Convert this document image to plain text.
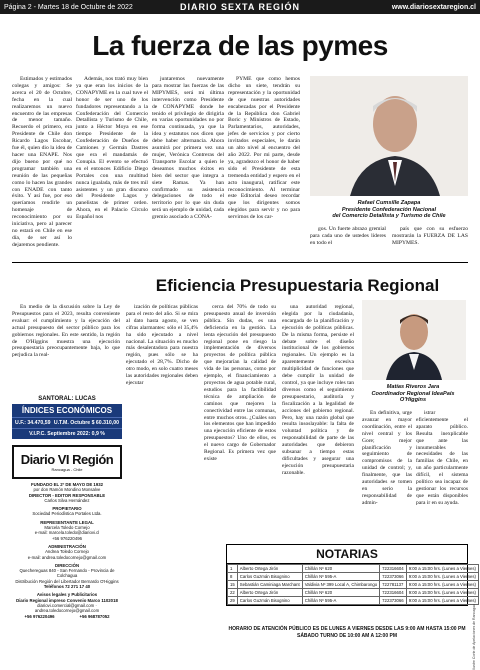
Página 2 - Martes 18 de Octubre de 2022	DIARIO SEXTA REGIÓN	www.diariosextaregion.cl
La fuerza de las pymes

Estimados y estimados colegas y amigos: Se acerca el 20 de Octubre, fecha en la cual realizaremos un nuevo encuentro de las empresas de menor tamaño. Recuerdo el primero, era Presidente de Chile don Ricardo Lagos Escobar, fue él, quien dio la idea de hacer una ENAPE. Nos dijo bueno por qué no programar también una reunión de las pequeñas como lo hacen las grandes con ENADE con tanto éxito. Y así fue, por eso queríamos rendirle un homenaje de reconocimiento por su iniciativa, pero al parecer no estará en Chile en ese día, de ser así lo dejaremos pendiente.

Además, nos trató muy bien ya que eran los inicios de la CONAPYME en la cual tuve el honor de ser uno de los fundadores representando a la Confederación del Comercio Detallista y Turismo de Chile, junto a Héctor Moya en ese tiempo Presidente de la Confederación de Dueños de Camiones y Germán Dastres que era el mandamás de Conupia. El evento se efectuó en el entonces Edificio Diego Portales con una multitud nunca igualada, más de tres mil asistentes y un gran discurso del Presidente Lagos y panelistas de primer orden. Ahora, en el Palacio Círculo Español nos

juntaremos nuevamente para mostrar las fuerzas de las MIPYMES, será mi última intervención como Presidente de CONAPYME donde he tenido el privilegio de dirigirla en varias oportunidades no por forma continuada, ya que la idea y estatutos nos dicen que debe haber alternancia. Ahora asumirá por primera vez una mujer, Verónica Contreras del Transporte Escolar a quien le deseamos muchos éxitos en bien del sector que integra a siete Ramas. Ya han confirmado su asistencia delegaciones de todo el territorio por lo que sin duda será un ejemplo de unidad, cada gremio asociado a CONA-

PYME que como hemos dicho un siete, tendrán su representación y la oportunidad de que nuestras autoridades encabezadas por el Presidente de la República don Gabriel Boric y Ministros de Estado, Parlamentarios, autoridades, jefes de servicios y por cierto invitados especiales, le darán un alto nivel al encuentro del año 2022. Por mi parte, desde ya, agradezco el honor de haber sido el Presidente de esta tremenda entidad y espero en el acto inaugural, ratificar este reconocimiento. Al terminar este Editorial deseo recordar que los dirigentes somos elegidos para servir y no para servirnos de los car-

Rafael Cumsille Zapapa
Presidente Confederación Nacional
del Comercio Detallista y Turismo de Chile

gos. Un fuerte abrazo gremial para cada uno de ustedes líderes en todo el

país que con su esfuerzo mostrarán la FUERZA DE LAS MIPYMES.

Eficiencia Presupuestaria Regional

En medio de la discusión sobre la Ley de Presupuestos para el 2023, resulta conveniente evaluar: el cumplimiento y la ejecución del actual presupuesto del sector público para los gobiernos regionales. En este sentido, la región de O'Higgins muestra una ejecución presupuestaria preocupantemente baja, lo que perjudica la real-

ización de políticas públicas para el resto del año. Si se mira al dato hasta agosto, se ven cifras alarmantes: sólo el 35,4% ha sido ejecutado a nivel nacional. La situación es mucho más desalentadora para nuestra región, pues sólo se ha ejecutado el 28,7%. Dicho de otro modo, en solo cuatro meses las autoridades regionales deben ejecutar

cerca del 70% de todo su presupuesto anual de inversión pública. Sin dudas, es una deficiencia en la gestión. La lenta ejecución del presupuesto regional pone en riesgo la implementación de diversos proyectos de política pública que mejorarían la calidad de vida de las personas, como por ejemplo, el financiamiento a proyectos de agua potable rural, estudios para la factibilidad técnica de ampliación de caminos que mejoren la conectividad entre las comunas, entre muchos otros. ¿Cuáles son los elementos que han impedido una ejecución eficiente de estos presupuestos? Uno de ellos, es el nuevo cargo de Gobernador Regional. Es primera vez que existe

una autoridad regional, elegida por la ciudadanía, encargada de la planificación y ejecución de políticas públicas. De la misma forma, persiste el debate sobre el diseño institucional de los gobiernos regionales. Un ejemplo es la aparentemente excesiva multiplicidad de funciones que debe cumplir la unidad de control, ya que incluye roles tan diversos como el seguimiento presupuestario, auditoría y fiscalización a la legalidad de acciones del gobierno regional. Pero, hay una razón global que resulta insoslayable: la falta de voluntad política y de responsabilidad de parte de las autoridades que debieron subsanar a tiempo estas dificultades y asegurar una ejecución presupuestaria razonable.

Matías Riveros Jara
Coordinador Regional IdeaPaís O'Higgins

En definitiva, urge avanzar en mayor coordinación, entre el nivel central y los Gore; mejor planificación y seguimiento de compromisos de la unidad de control; y, finalmente, que las autoridades se tomen en serio la responsabilidad de admin-

istrar eficientemente el aparato público. Resulta inexplicable que ante las innumerables necesidades de las familias de Chile, en un año particularmente difícil, el sistema político sea incapaz de gestionar los recursos que están disponibles para ir en su ayuda.

SANTORAL: LUCAS
ÍNDICES ECONÓMICOS
U.F.: 34.470,59 U.T.M. Octubre $ 60.310,00
V.I.P.C. Septiembre 2022: 0,9 %
Diario VI Región
Rancagua - Chile
FUNDADO EL 2º DE MAYO DE 1932
por don Ramón Mondino Monsalve
DIRECTOR - EDITOR RESPONSABLE
Carlos Silva Hernández
PROPIETARIO
Sociedad Periodística Portales Ltda.
REPRESENTANTE LEGAL
Marcela Toledo Cornejo
e-mail: marcela.toledo@diariovi.cl
+56 976220496
ADMINISTRACIÓN
Andrea Toledo Cornejo
e-mail: andrea.toledocornejo@gmail.com
DIRECCIÓN
Quechereguas 840 - San Fernando - Provincia de Colchagua
Distribución Región del Libertador Bernardo O'Higgins
Teléfonos 72 271 17 40
Avisos legales y Publicitarios
Diario Regional impreso Convenio Marco 1102018
diariovi.comercial@gmail.com · andrea.toledocornejo@gmail.com
+56 976220496	+56 968787052
NOTARIAS
1	Alberto Ortega Jirón	Chillán Nº 620	722316604	9:00 a 15:00 hrs. (Lunes a Viernes)
8	Carlos Guzmán Bisognino	Chillán Nº 595-A	722373066	9:00 a 15:00 hrs. (Lunes a Viernes)
15	Sebastián Caminiaga Marchant	Valdivia Nº 399 Local A, Chimbarongo	722781137	9:00 a 15:00 hrs. (Lunes a Viernes)
22	Alberto Ortega Jirón	Chillán Nº 620	722316604	9:00 a 15:00 hrs. (Lunes a Viernes)
29	Carlos Guzmán Bisognino	Chillán Nº 595-A	722373066	9:00 a 15:00 hrs. (Lunes a Viernes)
HORARIO DE ATENCIÓN PÚBLICO ES DE LUNES A VIERNES DESDE LAS 9:00 AM HASTA 15:00 PM
SÁBADO TURNO DE 10:00 AM A 12:00 PM	Ilustre Corte de Apelaciones de Rancagua
